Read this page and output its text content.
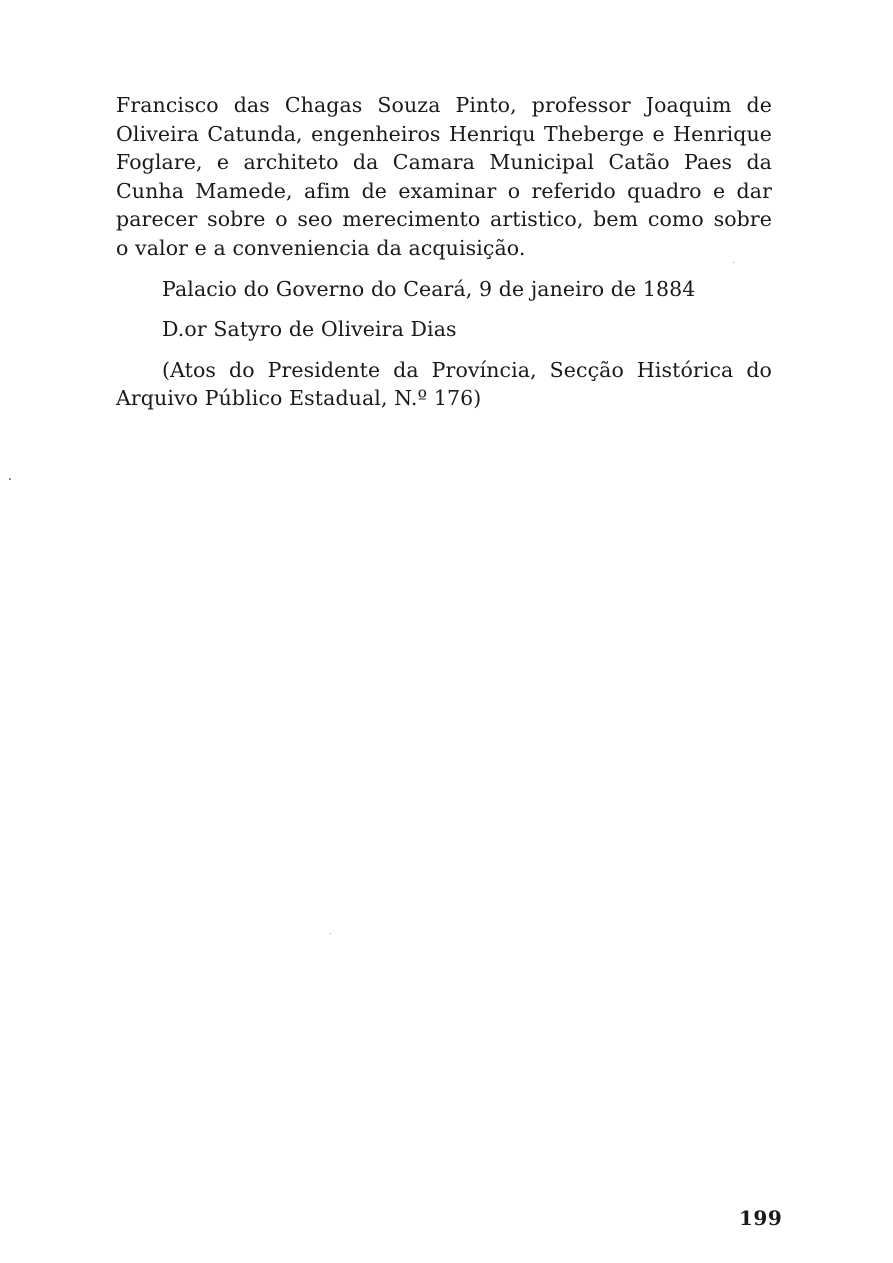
Francisco das Chagas Souza Pinto, professor Joaquim de
Oliveira Catunda, engenheiros Henriqu Theberge e Henrique
Foglare, e architeto da Camara Municipal Catão Paes da
Cunha Mamede, afim de examinar o referido quadro e dar
parecer sobre o seo merecimento artistico, bem como sobre
o valor e a conveniencia da acquisição.
Palacio do Governo do Ceará, 9 de janeiro de 1884
D.or Satyro de Oliveira Dias
(Atos do Presidente da Província, Secção Histórica do
Arquivo Público Estadual, N.º 176)
199
